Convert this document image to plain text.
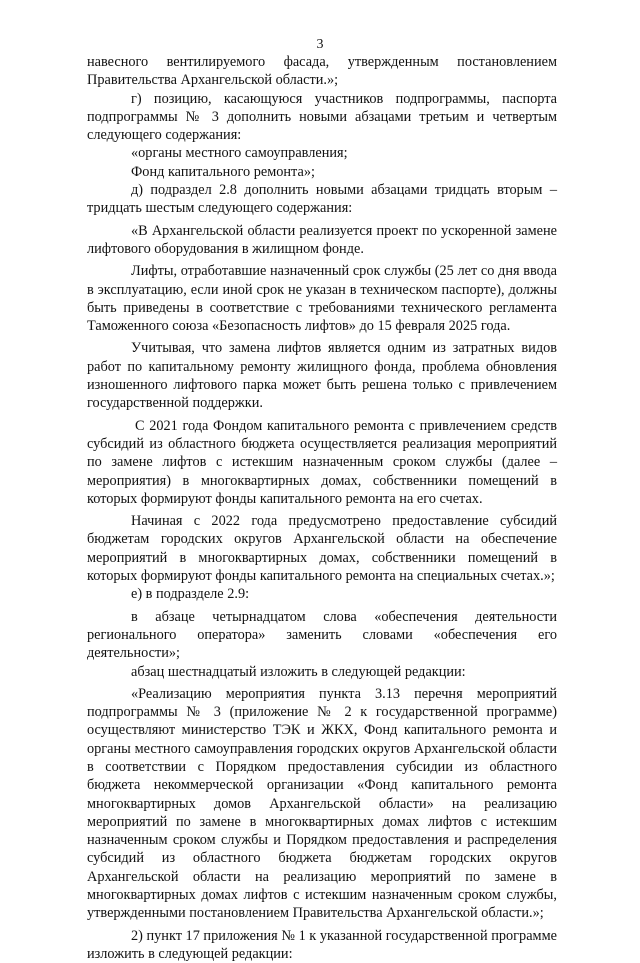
3

навесного вентилируемого фасада, утвержденным постановлением Правительства Архангельской области.»;

г) позицию, касающуюся участников подпрограммы, паспорта подпрограммы № 3 дополнить новыми абзацами третьим и четвертым следующего содержания:

«органы местного самоуправления;

Фонд капитального ремонта»;

д) подраздел 2.8 дополнить новыми абзацами тридцать вторым – тридцать шестым следующего содержания:

«В Архангельской области реализуется проект по ускоренной замене лифтового оборудования в жилищном фонде.

Лифты, отработавшие назначенный срок службы (25 лет со дня ввода в эксплуатацию, если иной срок не указан в техническом паспорте), должны быть приведены в соответствие с требованиями технического регламента Таможенного союза «Безопасность лифтов» до 15 февраля 2025 года.

Учитывая, что замена лифтов является одним из затратных видов работ по капитальному ремонту жилищного фонда, проблема обновления изношенного лифтового парка может быть решена только с привлечением государственной поддержки.

С 2021 года Фондом капитального ремонта с привлечением средств субсидий из областного бюджета осуществляется реализация мероприятий по замене лифтов с истекшим назначенным сроком службы (далее – мероприятия) в многоквартирных домах, собственники помещений в которых формируют фонды капитального ремонта на его счетах.

Начиная с 2022 года предусмотрено предоставление субсидий бюджетам городских округов Архангельской области на обеспечение мероприятий в многоквартирных домах, собственники помещений в которых формируют фонды капитального ремонта на специальных счетах.»;

е) в подразделе 2.9:

в абзаце четырнадцатом слова «обеспечения деятельности регионального оператора» заменить словами «обеспечения его деятельности»;

абзац шестнадцатый изложить в следующей редакции:

«Реализацию мероприятия пункта 3.13 перечня мероприятий подпрограммы № 3 (приложение № 2 к государственной программе) осуществляют министерство ТЭК и ЖКХ, Фонд капитального ремонта и органы местного самоуправления городских округов Архангельской области в соответствии с Порядком предоставления субсидии из областного бюджета некоммерческой организации «Фонд капитального ремонта многоквартирных домов Архангельской области» на реализацию мероприятий по замене в многоквартирных домах лифтов с истекшим назначенным сроком службы и Порядком предоставления и распределения субсидий из областного бюджета бюджетам городских округов Архангельской области на реализацию мероприятий по замене в многоквартирных домах лифтов с истекшим назначенным сроком службы, утвержденными постановлением Правительства Архангельской области.»;

2) пункт 17 приложения № 1 к указанной государственной программе изложить в следующей редакции:
